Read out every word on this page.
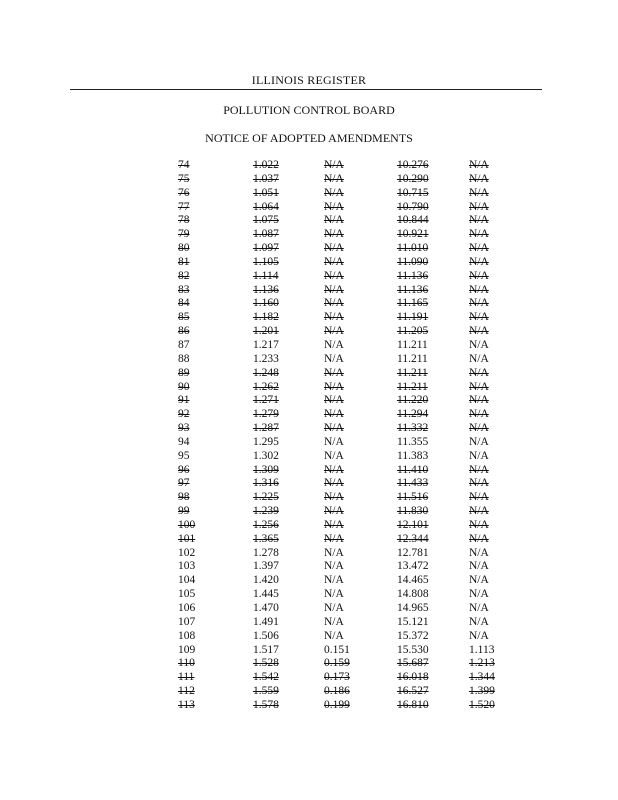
ILLINOIS REGISTER
POLLUTION CONTROL BOARD
NOTICE OF ADOPTED AMENDMENTS
74	1.022	N/A	10.276	N/A
75	1.037	N/A	10.290	N/A
76	1.051	N/A	10.715	N/A
77	1.064	N/A	10.790	N/A
78	1.075	N/A	10.844	N/A
79	1.087	N/A	10.921	N/A
80	1.097	N/A	11.010	N/A
81	1.105	N/A	11.090	N/A
82	1.114	N/A	11.136	N/A
83	1.136	N/A	11.136	N/A
84	1.160	N/A	11.165	N/A
85	1.182	N/A	11.191	N/A
86	1.201	N/A	11.205	N/A
87	1.217	N/A	11.211	N/A
88	1.233	N/A	11.211	N/A
89	1.248	N/A	11.211	N/A
90	1.262	N/A	11.211	N/A
91	1.271	N/A	11.220	N/A
92	1.279	N/A	11.294	N/A
93	1.287	N/A	11.332	N/A
94	1.295	N/A	11.355	N/A
95	1.302	N/A	11.383	N/A
96	1.309	N/A	11.410	N/A
97	1.316	N/A	11.433	N/A
98	1.225	N/A	11.516	N/A
99	1.239	N/A	11.830	N/A
100	1.256	N/A	12.101	N/A
101	1.365	N/A	12.344	N/A
102	1.278	N/A	12.781	N/A
103	1.397	N/A	13.472	N/A
104	1.420	N/A	14.465	N/A
105	1.445	N/A	14.808	N/A
106	1.470	N/A	14.965	N/A
107	1.491	N/A	15.121	N/A
108	1.506	N/A	15.372	N/A
109	1.517	0.151	15.530	1.113
110	1.528	0.159	15.687	1.213
111	1.542	0.173	16.018	1.344
112	1.559	0.186	16.527	1.399
113	1.578	0.199	16.810	1.520
